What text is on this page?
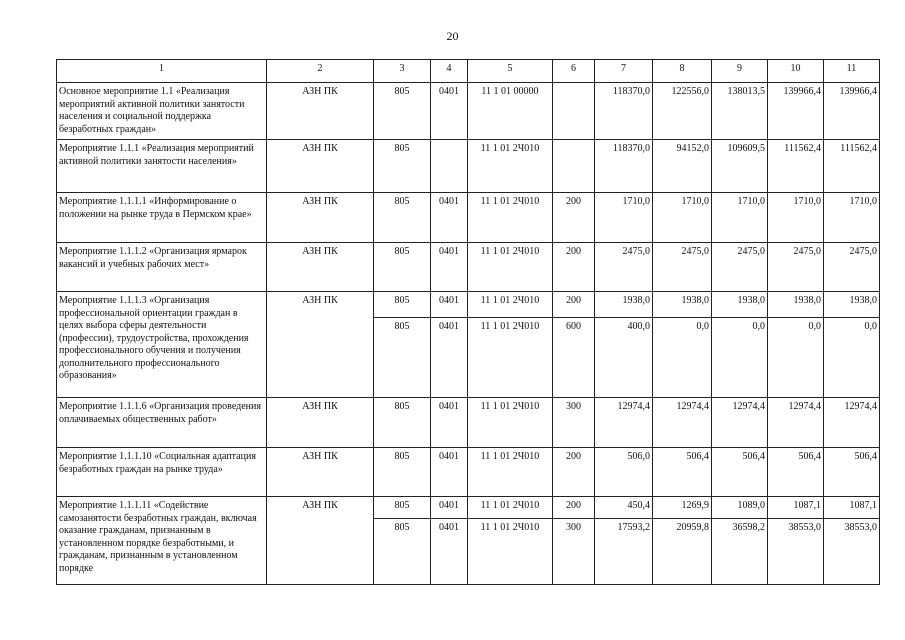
20
1	2	3	4	5	6	7	8	9	10	11
Основное мероприятие 1.1 «Реализация мероприятий активной политики занятости населения и социальной поддержка безработных граждан»	АЗН ПК	805	0401	11 1 01 00000		118370,0	122556,0	138013,5	139966,4	139966,4
Мероприятие 1.1.1 «Реализация мероприятий активной политики занятости населения»	АЗН ПК	805		11 1 01 2Ч010		118370,0	94152,0	109609,5	111562,4	111562,4
Мероприятие 1.1.1.1 «Информирование о положении на рынке труда в Пермском крае»	АЗН ПК	805	0401	11 1 01 2Ч010	200	1710,0	1710,0	1710,0	1710,0	1710,0
Мероприятие 1.1.1.2 «Организация ярмарок вакансий и учебных рабочих мест»	АЗН ПК	805	0401	11 1 01 2Ч010	200	2475,0	2475,0	2475,0	2475,0	2475,0
Мероприятие 1.1.1.3 «Организация профессиональной ориентации граждан в целях выбора сферы деятельности (профессии), трудоустройства, прохождения профессионального обучения и получения дополнительного профессионального образования»	АЗН ПК	805	0401	11 1 01 2Ч010	200	1938,0	1938,0	1938,0	1938,0	1938,0
		805	0401	11 1 01 2Ч010	600	400,0	0,0	0,0	0,0	0,0
Мероприятие 1.1.1.6 «Организация проведения оплачиваемых общественных работ»	АЗН ПК	805	0401	11 1 01 2Ч010	300	12974,4	12974,4	12974,4	12974,4	12974,4
Мероприятие 1.1.1.10 «Социальная адаптация безработных граждан на рынке труда»	АЗН ПК	805	0401	11 1 01 2Ч010	200	506,0	506,4	506,4	506,4	506,4
Мероприятие 1.1.1.11 «Содействие самозанятости безработных граждан, включая оказание гражданам, признанным в установленном порядке безработными, и гражданам, признанным в установленном порядке	АЗН ПК	805	0401	11 1 01 2Ч010	200	450,4	1269,9	1089,0	1087,1	1087,1
		805	0401	11 1 01 2Ч010	300	17593,2	20959,8	36598,2	38553,0	38553,0
